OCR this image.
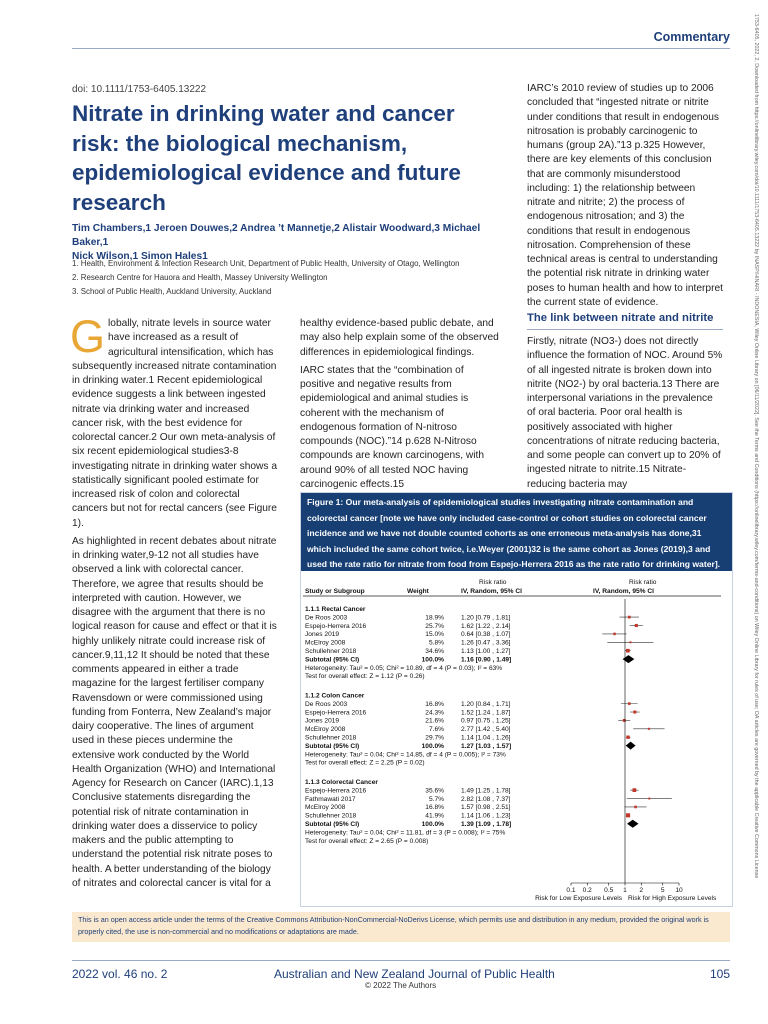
Commentary	1753-6405, 2022, 2, Downloaded from https://onlinelibrary.wiley.com/doi/10.1111/1753-6405.13222 by INASP/HINARI - INDONESIA, Wiley Online Library on [06/11/2022]. See the Terms and Conditions (https://onlinelibrary.wiley.com/terms-and-conditions) on Wiley Online Library for rules of use; OA articles are governed by the applicable Creative Commons License
doi: 10.1111/1753-6405.13222
Nitrate in drinking water and cancer risk: the biological mechanism, epidemiological evidence and future research
Tim Chambers,1 Jeroen Douwes,2 Andrea ’t Mannetje,2 Alistair Woodward,3 Michael Baker,1
Nick Wilson,1 Simon Hales1
1. Health, Environment & Infection Research Unit, Department of Public Health, University of Otago, Wellington
2. Research Centre for Hauora and Health, Massey University Wellington
3. School of Public Health, Auckland University, Auckland

Globally, nitrate levels in source water have increased as a result of agricultural intensification, which has subsequently increased nitrate contamination in drinking water.1 Recent epidemiological evidence suggests a link between ingested nitrate via drinking water and increased cancer risk, with the best evidence for colorectal cancer.2 Our own meta-analysis of six recent epidemiological studies3-8 investigating nitrate in drinking water shows a statistically significant pooled estimate for increased risk of colon and colorectal cancers but not for rectal cancers (see Figure 1).

As highlighted in recent debates about nitrate in drinking water,9-12 not all studies have observed a link with colorectal cancer. Therefore, we agree that results should be interpreted with caution. However, we disagree with the argument that there is no logical reason for cause and effect or that it is highly unlikely nitrate could increase risk of cancer.9,11,12 It should be noted that these comments appeared in either a trade magazine for the largest fertiliser company Ravensdown or were commissioned using funding from Fonterra, New Zealand’s major dairy cooperative. The lines of argument used in these pieces undermine the extensive work conducted by the World Health Organization (WHO) and International Agency for Research on Cancer (IARC).1,13 Conclusive statements disregarding the potential risk of nitrate contamination in drinking water does a disservice to policy makers and the public attempting to understand the potential risk nitrate poses to health. A better understanding of the biology of nitrates and colorectal cancer is vital for a

healthy evidence-based public debate, and may also help explain some of the observed differences in epidemiological findings.

IARC states that the “combination of positive and negative results from epidemiological and animal studies is coherent with the mechanism of endogenous formation of N-nitroso compounds (NOC).”14 p.628 N-Nitroso compounds are known carcinogens, with around 90% of all tested NOC having carcinogenic effects.15

IARC’s 2010 review of studies up to 2006 concluded that “ingested nitrate or nitrite under conditions that result in endogenous nitrosation is probably carcinogenic to humans (group 2A).”13 p.325 However, there are key elements of this conclusion that are commonly misunderstood including: 1) the relationship between nitrate and nitrite; 2) the process of endogenous nitrosation; and 3) the conditions that result in endogenous nitrosation. Comprehension of these technical areas is central to understanding the potential risk nitrate in drinking water poses to human health and how to interpret the current state of evidence.

The link between nitrate and nitrite

Firstly, nitrate (NO3-) does not directly influence the formation of NOC. Around 5% of all ingested nitrate is broken down into nitrite (NO2-) by oral bacteria.13 There are interpersonal variations in the prevalence of oral bacteria. Poor oral health is positively associated with higher concentrations of nitrate reducing bacteria, and some people can convert up to 20% of ingested nitrate to nitrite.15 Nitrate-reducing bacteria may

Figure 1: Our meta-analysis of epidemiological studies investigating nitrate contamination and colorectal cancer [note we have only included case-control or cohort studies on colorectal cancer incidence and we have not double counted cohorts as one erroneous meta-analysis has done,31 which included the same cohort twice, i.e.Weyer (2001)32 is the same cohort as Jones (2019),3 and used the rate ratio for nitrate from food from Espejo-Herrera 2016 as the rate ratio for drinking water].
Risk ratio	Risk ratio
Study or Subgroup	Weight	IV, Random, 95% CI	IV, Random, 95% CI
1.1.1 Rectal Cancer
De Roos 2003	18.9%	1.20 [0.79 , 1.81]
Espejo-Herrera 2016	25.7%	1.62 [1.22 , 2.14]
Jones 2019	15.0%	0.64 [0.38 , 1.07]
McElroy 2008	5.8%	1.26 [0.47 , 3.36]
Schullehner 2018	34.6%	1.13 [1.00 , 1.27]
Subtotal (95% CI)	100.0%	1.16 [0.90 , 1.49]
Heterogeneity: Tau² = 0.05; Chi² = 10.89, df = 4 (P = 0.03); I² = 63%
Test for overall effect: Z = 1.12 (P = 0.26)
1.1.2 Colon Cancer
De Roos 2003	16.8%	1.20 [0.84 , 1.71]
Espejo-Herrera 2016	24.3%	1.52 [1.24 , 1.87]
Jones 2019	21.6%	0.97 [0.75 , 1.25]
McElroy 2008	7.6%	2.77 [1.42 , 5.40]
Schullehner 2018	29.7%	1.14 [1.04 , 1.26]
Subtotal (95% CI)	100.0%	1.27 [1.03 , 1.57]
Heterogeneity: Tau² = 0.04; Chi² = 14.85, df = 4 (P = 0.005); I² = 73%
Test for overall effect: Z = 2.25 (P = 0.02)
1.1.3 Colorectal Cancer
Espejo-Herrera 2016	35.6%	1.49 [1.25 , 1.78]
Fathmawati 2017	5.7%	2.82 [1.08 , 7.37]
McElroy 2008	16.8%	1.57 [0.98 , 2.51]
Schullehner 2018	41.9%	1.14 [1.06 , 1.23]
Subtotal (95% CI)	100.0%	1.39 [1.09 , 1.78]
Heterogeneity: Tau² = 0.04; Chi² = 11.81, df = 3 (P = 0.008); I² = 75%
Test for overall effect: Z = 2.65 (P = 0.008)
0.1 0.2 0.5 1 2	5 10
Risk for Low Exposure Levels Risk for High Exposure Levels
This is an open access article under the terms of the Creative Commons Attribution-NonCommercial-NoDerivs License, which permits use and distribution in any medium, provided the original work is properly cited, the use is non-commercial and no modifications or adaptations are made.
2022 vol. 46 no. 2	Australian and New Zealand Journal of Public Health
© 2022 The Authors
105
